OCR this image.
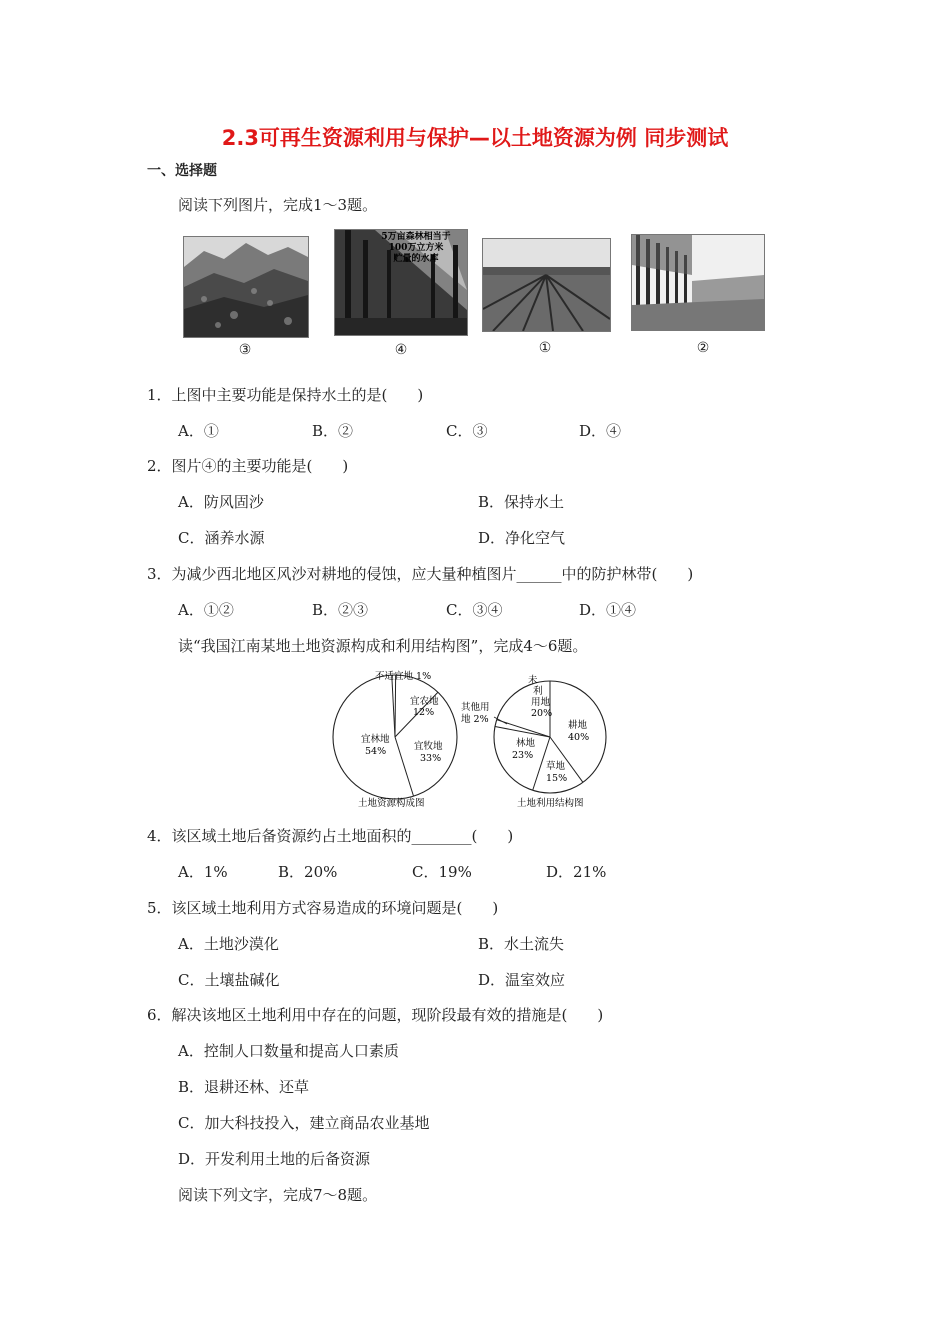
2.3可再生资源利用与保护—以土地资源为例 同步测试
一、选择题
阅读下列图片，完成1～3题。
③
5万亩森林相当于
100万立方米
贮量的水库
④	①	②
1．上图中主要功能是保持水土的是(　　)
A．①	B．②	C．③	D．④
2．图片④的主要功能是(　　)
A．防风固沙	B．保持水土
C．涵养水源	D．净化空气
3．为减少西北地区风沙对耕地的侵蚀，应大量种植图片______中的防护林带(　　)
A．①②	B．②③	C．③④	D．①④
读“我国江南某地土地资源构成和利用结构图”，完成4～6题。
不适宜地 1%
宜农地
12%
宜牧地
33%
宜林地
54%
土地资源构成图
未
利
用地
20%
耕地
40%
草地
15%
林地
23%
其他用
地 2%
土地利用结构图
4．该区域土地后备资源约占土地面积的________(　　)
A．1%	B．20%	C．19%	D．21%
5．该区域土地利用方式容易造成的环境问题是(　　)
A．土地沙漠化	B．水土流失
C．土壤盐碱化	D．温室效应
6．解决该地区土地利用中存在的问题，现阶段最有效的措施是(　　)
A．控制人口数量和提高人口素质
B．退耕还林、还草
C．加大科技投入，建立商品农业基地
D．开发利用土地的后备资源
阅读下列文字，完成7～8题。
